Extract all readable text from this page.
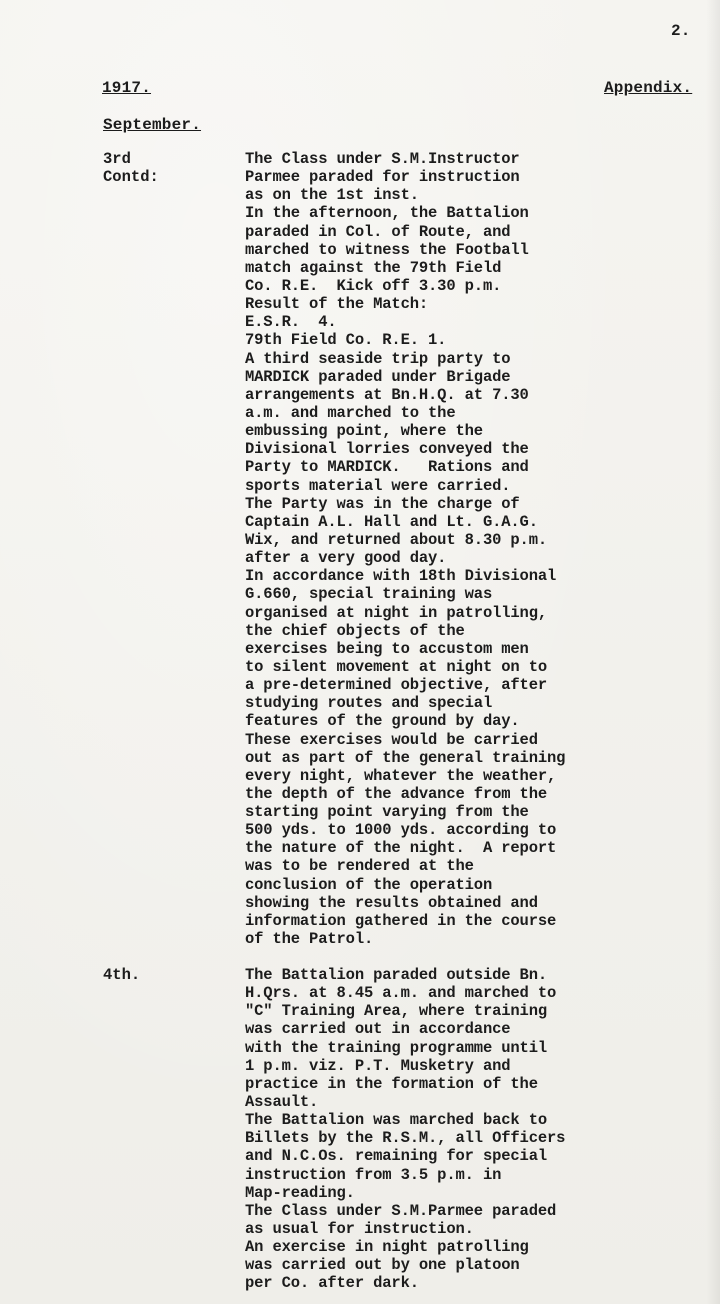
2.
1917.	Appendix.
September.
3rd
Contd:
The Class under S.M.Instructor
Parmee paraded for instruction
as on the 1st inst.
In the afternoon, the Battalion
paraded in Col. of Route, and
marched to witness the Football
match against the 79th Field
Co. R.E.  Kick off 3.30 p.m.
Result of the Match:
E.S.R.  4.
79th Field Co. R.E. 1.
A third seaside trip party to
MARDICK paraded under Brigade
arrangements at Bn.H.Q. at 7.30
a.m. and marched to the
embussing point, where the
Divisional lorries conveyed the
Party to MARDICK.   Rations and
sports material were carried.
The Party was in the charge of
Captain A.L. Hall and Lt. G.A.G.
Wix, and returned about 8.30 p.m.
after a very good day.
In accordance with 18th Divisional
G.660, special training was
organised at night in patrolling,
the chief objects of the
exercises being to accustom men
to silent movement at night on to
a pre-determined objective, after
studying routes and special
features of the ground by day.
These exercises would be carried
out as part of the general training
every night, whatever the weather,
the depth of the advance from the
starting point varying from the
500 yds. to 1000 yds. according to
the nature of the night.  A report
was to be rendered at the
conclusion of the operation
showing the results obtained and
information gathered in the course
of the Patrol.
4th.	The Battalion paraded outside Bn.
H.Qrs. at 8.45 a.m. and marched to
"C" Training Area, where training
was carried out in accordance
with the training programme until
1 p.m. viz. P.T. Musketry and
practice in the formation of the
Assault.
The Battalion was marched back to
Billets by the R.S.M., all Officers
and N.C.Os. remaining for special
instruction from 3.5 p.m. in
Map-reading.
The Class under S.M.Parmee paraded
as usual for instruction.
An exercise in night patrolling
was carried out by one platoon
per Co. after dark.
